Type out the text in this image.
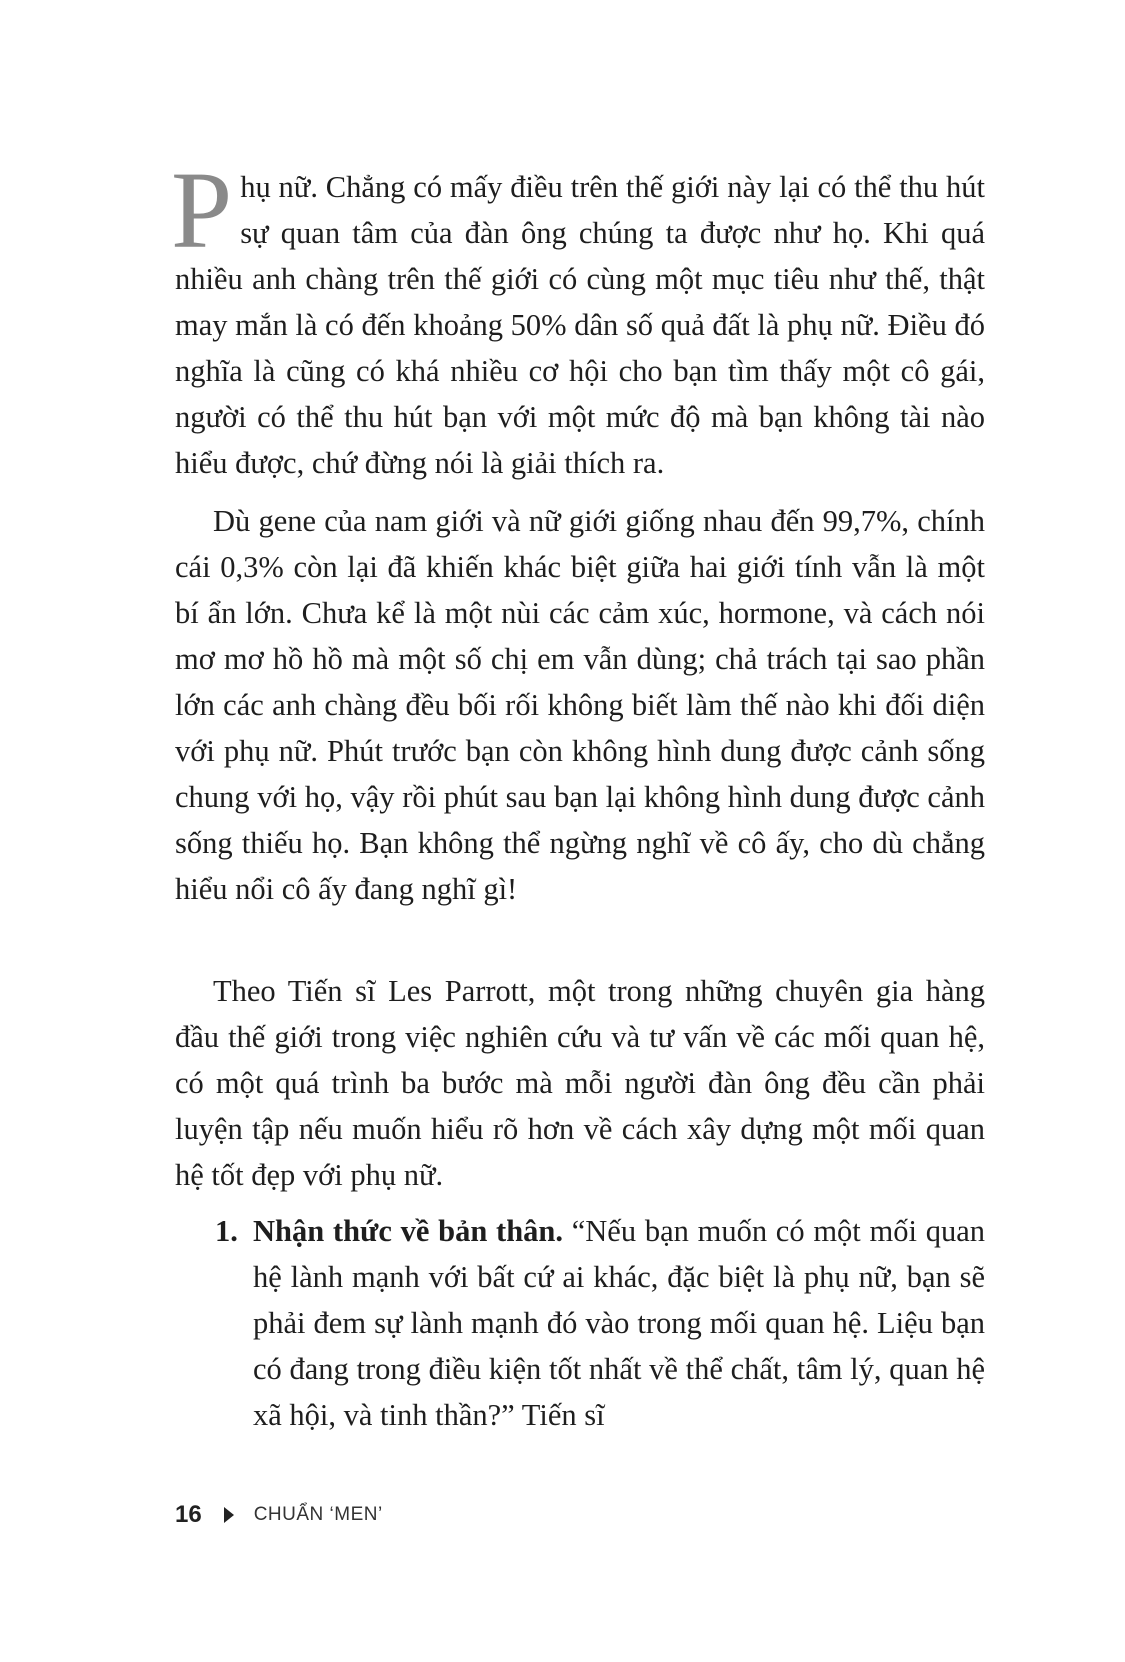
P hụ nữ. Chẳng có mấy điều trên thế giới này lại có thể thu hút sự quan tâm của đàn ông chúng ta được như họ. Khi quá nhiều anh chàng trên thế giới có cùng một mục tiêu như thế, thật may mắn là có đến khoảng 50% dân số quả đất là phụ nữ. Điều đó nghĩa là cũng có khá nhiều cơ hội cho bạn tìm thấy một cô gái, người có thể thu hút bạn với một mức độ mà bạn không tài nào hiểu được, chứ đừng nói là giải thích ra.
Dù gene của nam giới và nữ giới giống nhau đến 99,7%, chính cái 0,3% còn lại đã khiến khác biệt giữa hai giới tính vẫn là một bí ẩn lớn. Chưa kể là một nùi các cảm xúc, hormone, và cách nói mơ mơ hồ hồ mà một số chị em vẫn dùng; chả trách tại sao phần lớn các anh chàng đều bối rối không biết làm thế nào khi đối diện với phụ nữ. Phút trước bạn còn không hình dung được cảnh sống chung với họ, vậy rồi phút sau bạn lại không hình dung được cảnh sống thiếu họ. Bạn không thể ngừng nghĩ về cô ấy, cho dù chẳng hiểu nổi cô ấy đang nghĩ gì!
Theo Tiến sĩ Les Parrott, một trong những chuyên gia hàng đầu thế giới trong việc nghiên cứu và tư vấn về các mối quan hệ, có một quá trình ba bước mà mỗi người đàn ông đều cần phải luyện tập nếu muốn hiểu rõ hơn về cách xây dựng một mối quan hệ tốt đẹp với phụ nữ.
1. Nhận thức về bản thân. “Nếu bạn muốn có một mối quan hệ lành mạnh với bất cứ ai khác, đặc biệt là phụ nữ, bạn sẽ phải đem sự lành mạnh đó vào trong mối quan hệ. Liệu bạn có đang trong điều kiện tốt nhất về thể chất, tâm lý, quan hệ xã hội, và tinh thần?” Tiến sĩ
16	CHUẨN ‘MEN’
